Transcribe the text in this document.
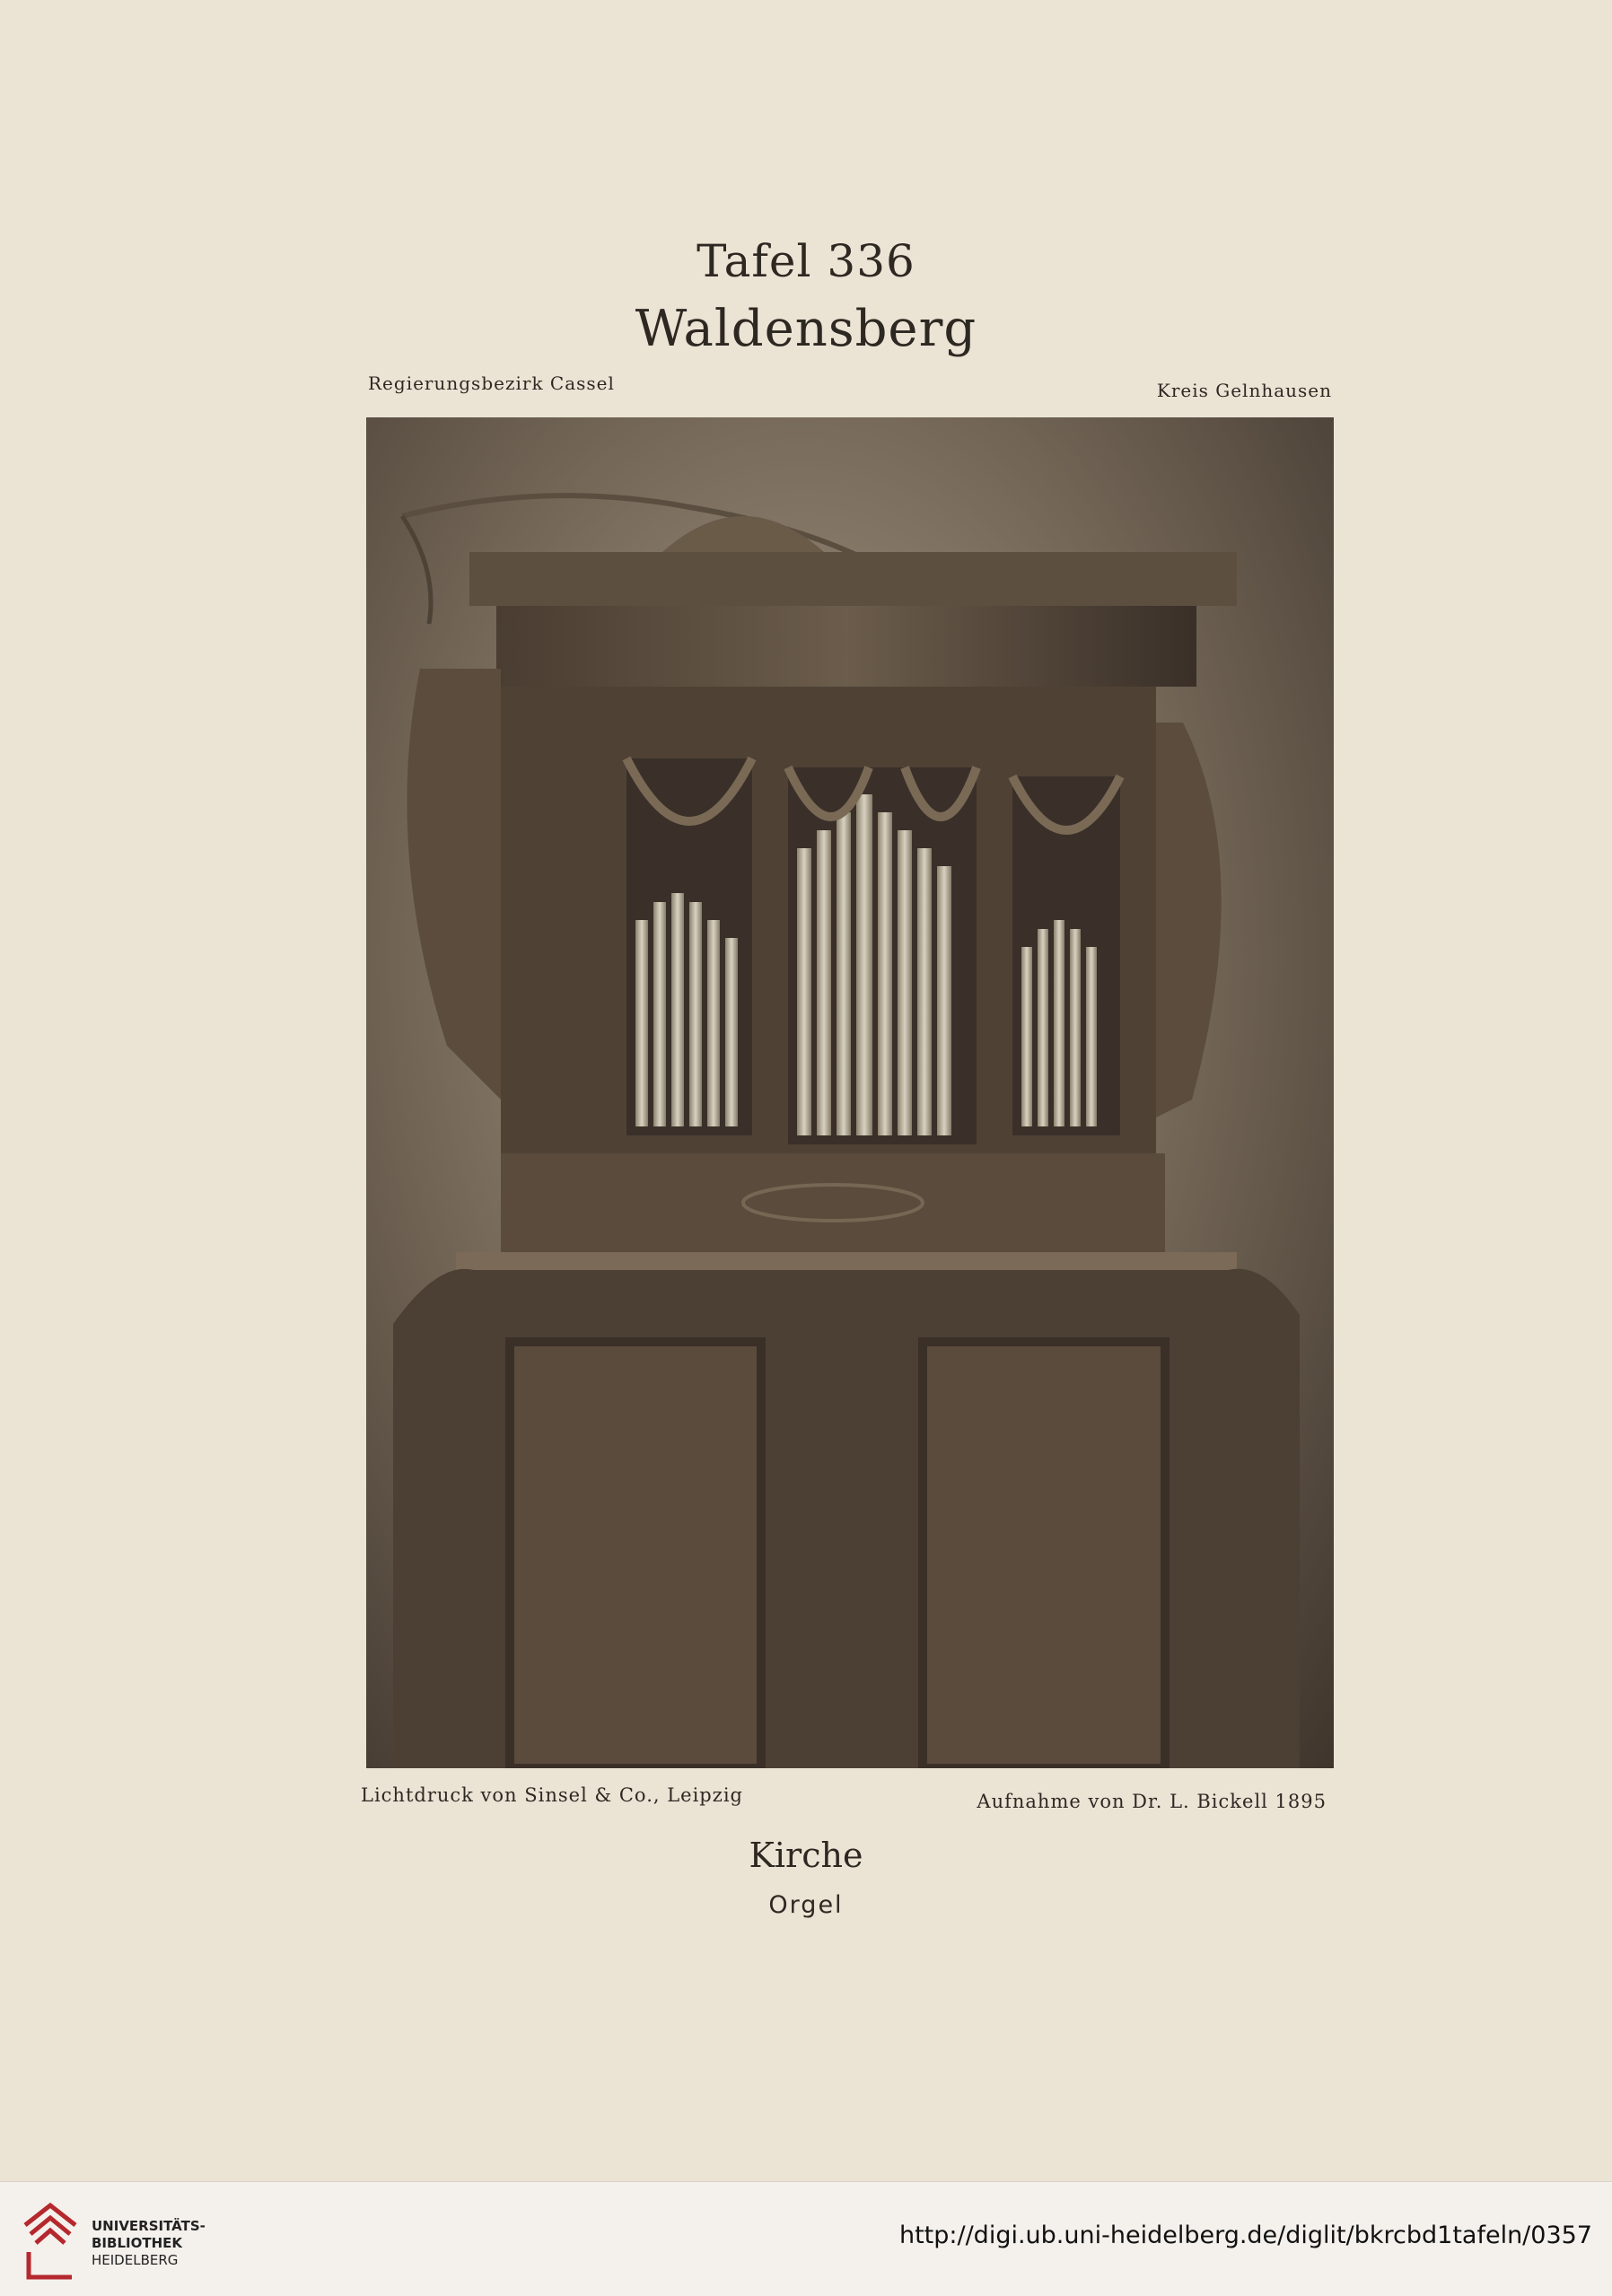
Tafel 336
Waldensberg
Regierungsbezirk Cassel	Kreis Gelnhausen
Lichtdruck von Sinsel & Co., Leipzig	Aufnahme von Dr. L. Bickell 1895
Kirche
Orgel
UNIVERSITÄTS-
BIBLIOTHEK
HEIDELBERG
http://digi.ub.uni-heidelberg.de/diglit/bkrcbd1tafeln/0357
